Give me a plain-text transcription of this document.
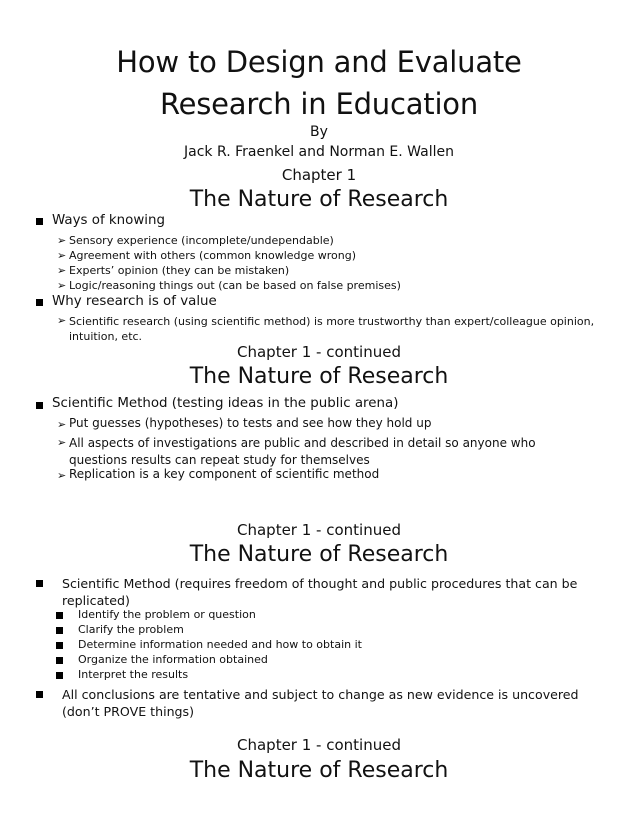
How to Design and Evaluate
Research in Education
By
Jack R. Fraenkel and Norman E. Wallen
Chapter 1
The Nature of Research
Ways of knowing
➢ Sensory experience (incomplete/undependable)
➢ Agreement with others (common knowledge wrong)
➢ Experts’ opinion (they can be mistaken)
➢ Logic/reasoning things out (can be based on false premises)
Why research is of value
➢ Scientific research (using scientific method) is more trustworthy than expert/colleague opinion, intuition, etc.
Chapter 1 - continued
The Nature of Research
Scientific Method (testing ideas in the public arena)
➢ Put guesses (hypotheses) to tests and see how they hold up
➢ All aspects of investigations are public and described in detail so anyone who questions results can repeat study for themselves
➢ Replication is a key component of scientific method
Chapter 1 - continued
The Nature of Research
Scientific Method (requires freedom of thought and public procedures that can be replicated)
Identify the problem or question
Clarify the problem
Determine information needed and how to obtain it
Organize the information obtained
Interpret the results
All conclusions are tentative and subject to change as new evidence is uncovered (don’t PROVE things)
Chapter 1 - continued
The Nature of Research
